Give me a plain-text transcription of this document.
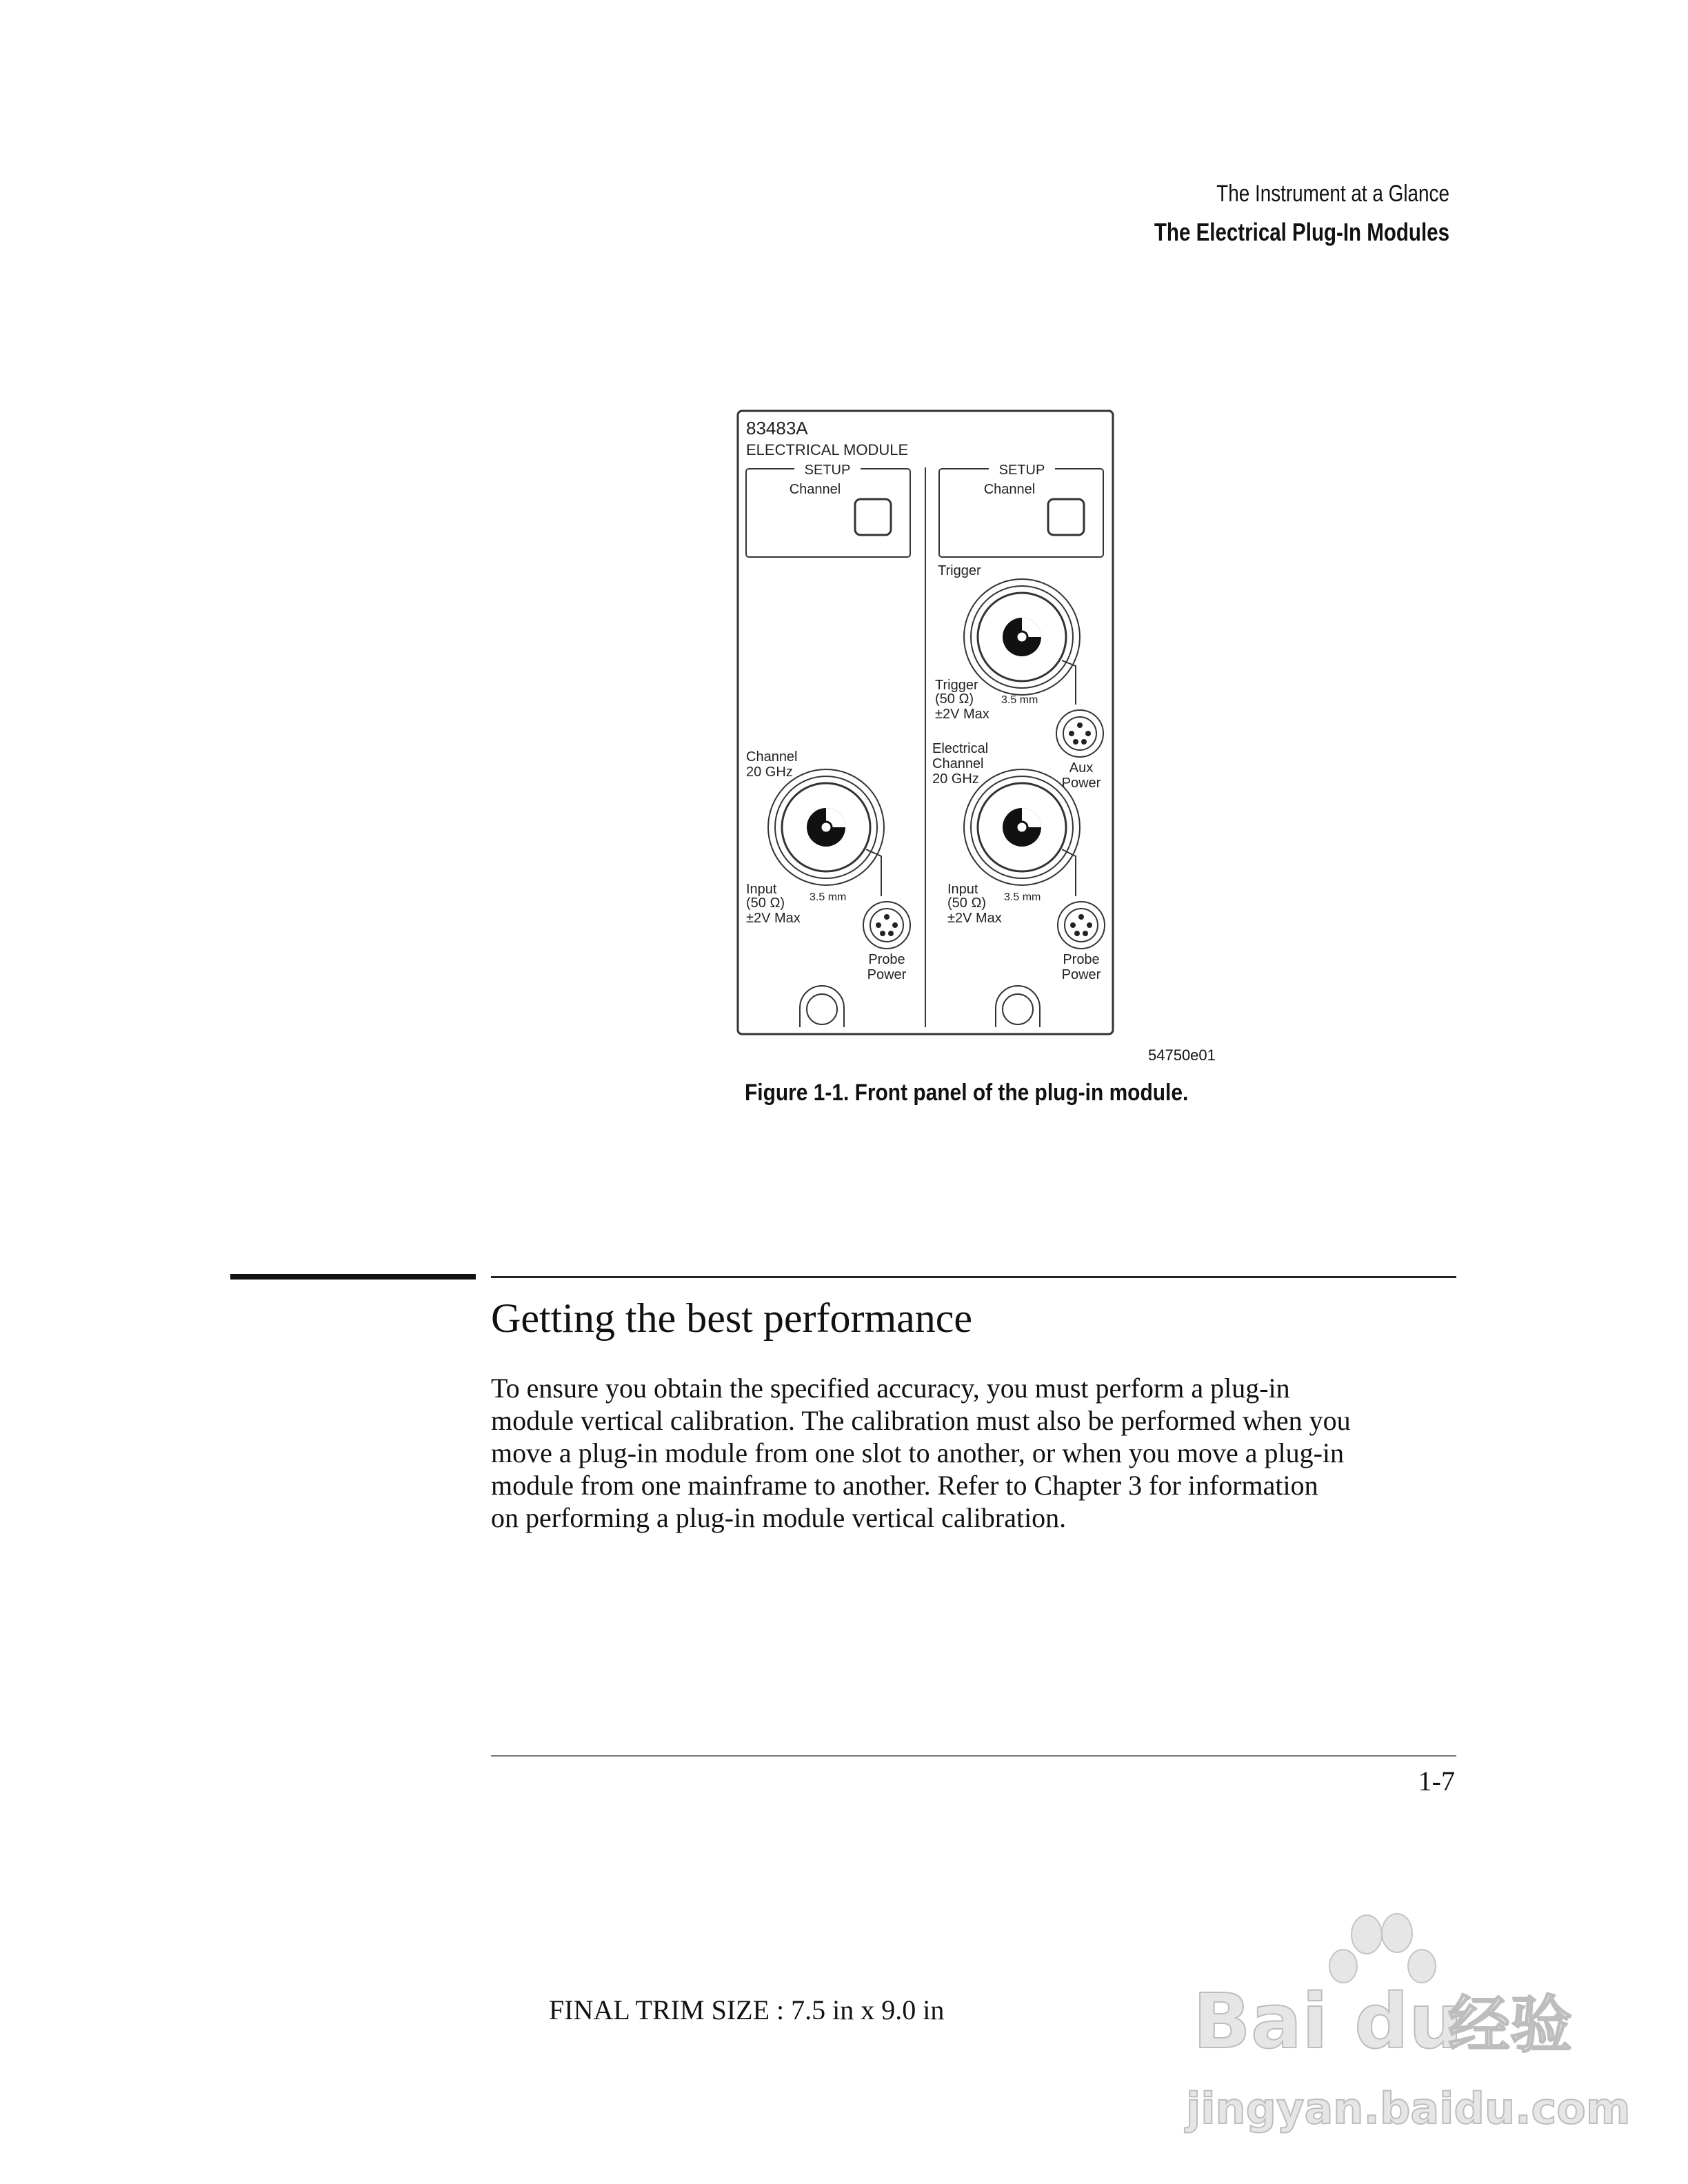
The Instrument at a Glance
The Electrical Plug-In Modules
83483A
ELECTRICAL MODULE
SETUP
Channel
Channel
20 GHz
Input
(50 Ω)
±2V Max
3.5 mm
Probe
Power
SETUP
Channel
Trigger
Trigger
(50 Ω)
±2V Max
3.5 mm
Aux
Power
Electrical
Channel
20 GHz
Input
(50 Ω)
±2V Max
3.5 mm
Probe
Power
54750e01
Figure 1-1. Front panel of the plug-in module.
Getting the best performance
To ensure you obtain the specified accuracy, you must perform a plug-in
module vertical calibration. The calibration must also be performed when you
move a plug-in module from one slot to another, or when you move a plug-in
module from one mainframe to another. Refer to Chapter 3 for information
on performing a plug-in module vertical calibration.
1-7
FINAL TRIM SIZE : 7.5 in x 9.0 in	Bai du
经验
jingyan.baidu.com
